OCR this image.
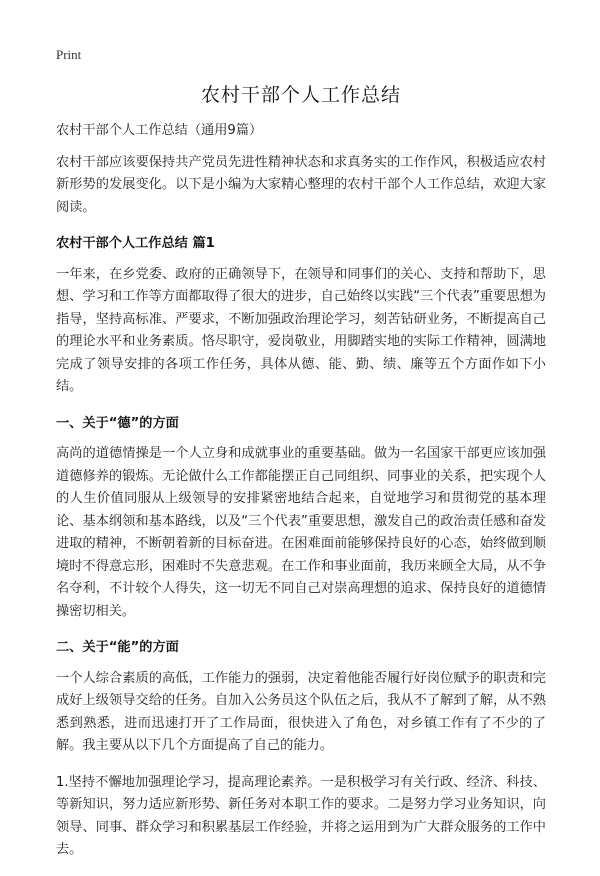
Print
农村干部个人工作总结

农村干部个人工作总结（通用9篇）

农村干部应该要保持共产党员先进性精神状态和求真务实的工作作风，积极适应农村新形势的发展变化。以下是小编为大家精心整理的农村干部个人工作总结，欢迎大家阅读。

农村干部个人工作总结 篇1

一年来，在乡党委、政府的正确领导下，在领导和同事们的关心、支持和帮助下，思想、学习和工作等方面都取得了很大的进步，自己始终以实践“三个代表”重要思想为指导，坚持高标准、严要求，不断加强政治理论学习，刻苦钻研业务，不断提高自己的理论水平和业务素质。恪尽职守，爱岗敬业，用脚踏实地的实际工作精神，圆满地完成了领导安排的各项工作任务，具体从德、能、勤、绩、廉等五个方面作如下小结。

一、关于“德”的方面

高尚的道德情操是一个人立身和成就事业的重要基础。做为一名国家干部更应该加强道德修养的锻炼。无论做什么工作都能摆正自己同组织、同事业的关系，把实现个人的人生价值同服从上级领导的安排紧密地结合起来，自觉地学习和贯彻党的基本理论、基本纲领和基本路线，以及“三个代表”重要思想，激发自己的政治责任感和奋发进取的精神，不断朝着新的目标奋进。在困难面前能够保持良好的心态，始终做到顺境时不得意忘形，困难时不失意悲观。在工作和事业面前，我历来顾全大局，从不争名夺利，不计较个人得失，这一切无不同自己对崇高理想的追求、保持良好的道德情操密切相关。

二、关于“能”的方面

一个人综合素质的高低，工作能力的强弱，决定着他能否履行好岗位赋予的职责和完成好上级领导交给的任务。自加入公务员这个队伍之后，我从不了解到了解，从不熟悉到熟悉，进而迅速打开了工作局面，很快进入了角色，对乡镇工作有了不少的了解。我主要从以下几个方面提高了自己的能力。

1.坚持不懈地加强理论学习，提高理论素养。一是积极学习有关行政、经济、科技、等新知识，努力适应新形势、新任务对本职工作的要求。二是努力学习业务知识，向领导、同事、群众学习和积累基层工作经验，并将之运用到为广大群众服务的工作中去。
